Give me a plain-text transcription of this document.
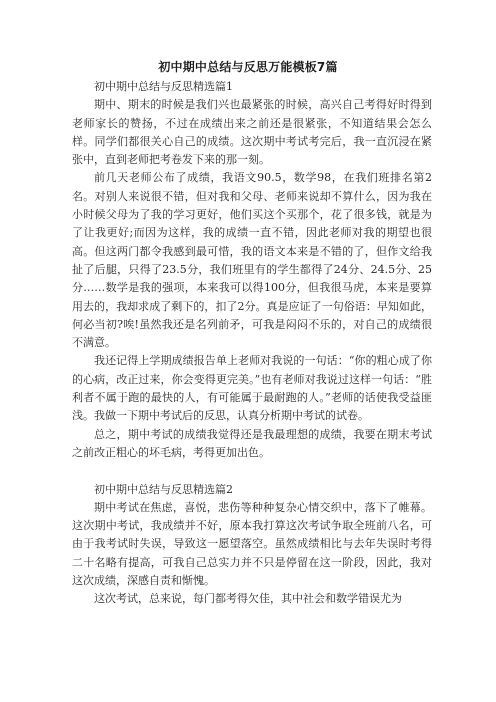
初中期中总结与反思万能模板7篇

初中期中总结与反思精选篇1

期中、期末的时候是我们兴也最紧张的时候，高兴自己考得好时得到老师家长的赞扬，不过在成绩出来之前还是很紧张，不知道结果会怎么样。同学们都很关心自己的成绩。这次期中考试考完后，我一直沉浸在紧张中，直到老师把考卷发下来的那一刻。

前几天老师公布了成绩，我语文90.5，数学98，在我们班排名第2名。对别人来说很不错，但对我和父母、老师来说却不算什么，因为我在小时候父母为了我的学习更好，他们买这个买那个，花了很多钱，就是为了让我更好;而因为这样，我的成绩一直不错，因此老师对我的期望也很高。但这两门都令我感到最可惜，我的语文本来是不错的了，但作文给我扯了后腿，只得了23.5分，我们班里有的学生都得了24分、24.5分、25分……数学是我的强项，本来我可以得100分，但我很马虎，本来是要算用去的，我却求成了剩下的，扣了2分。真是应证了一句俗语：早知如此，何必当初?唉!虽然我还是名列前矛，可我是闷闷不乐的，对自己的成绩很不满意。

我还记得上学期成绩报告单上老师对我说的一句话：“你的粗心成了你的心病，改正过来，你会变得更完美。”也有老师对我说过这样一句话：“胜利者不属于跑的最快的人，有可能属于最耐跑的人。”老师的话使我受益匪浅。我做一下期中考试后的反思，认真分析期中考试的试卷。

总之，期中考试的成绩我觉得还是我最理想的成绩，我要在期末考试之前改正粗心的坏毛病，考得更加出色。

初中期中总结与反思精选篇2

期中考试在焦虑，喜悦，悲伤等种种复杂心情交织中，落下了帷幕。这次期中考试，我成绩并不好，原本我打算这次考试争取全班前八名，可由于我考试时失误，导致这一愿望落空。虽然成绩相比与去年失误时考得二十名略有提高，可我自己总实力并不只是停留在这一阶段，因此，我对这次成绩，深感自责和惭愧。

这次考试，总来说，每门都考得欠佳，其中社会和数学错误尤为
